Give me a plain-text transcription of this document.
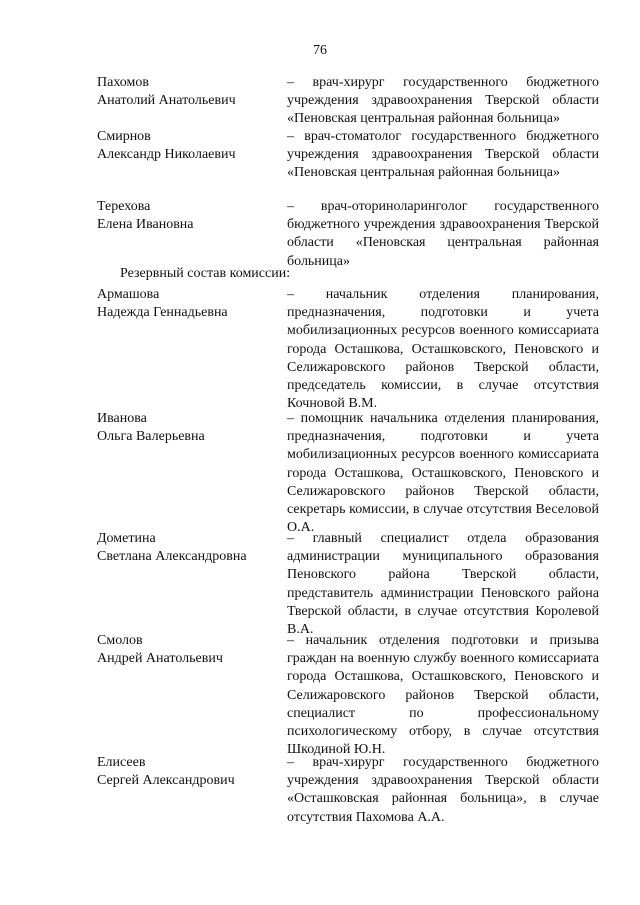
76
Пахомов
Анатолий Анатольевич
– врач-хирург государственного бюджетного учреждения здравоохранения Тверской области «Пеновская центральная районная больница»
Смирнов
Александр Николаевич
– врач-стоматолог государственного бюджетного учреждения здравоохранения Тверской области «Пеновская центральная районная больница»
Терехова
Елена Ивановна
– врач-оториноларинголог государственного бюджетного учреждения здравоохранения Тверской области «Пеновская центральная районная больница»
Резервный состав комиссии:
Армашова
Надежда Геннадьевна
– начальник отделения планирования, предназначения, подготовки и учета мобилизационных ресурсов военного комиссариата города Осташкова, Осташковского, Пеновского и Селижаровского районов Тверской области, председатель комиссии, в случае отсутствия Кочновой В.М.
Иванова
Ольга Валерьевна
– помощник начальника отделения планирования, предназначения, подготовки и учета мобилизационных ресурсов военного комиссариата города Осташкова, Осташковского, Пеновского и Селижаровского районов Тверской области, секретарь комиссии, в случае отсутствия Веселовой О.А.
Дометина
Светлана Александровна
– главный специалист отдела образования администрации муниципального образования Пеновского района Тверской области, представитель администрации Пеновского района Тверской области, в случае отсутствия Королевой В.А.
Смолов
Андрей Анатольевич
– начальник отделения подготовки и призыва граждан на военную службу военного комиссариата города Осташкова, Осташковского, Пеновского и Селижаровского районов Тверской области, специалист по профессиональному психологическому отбору, в случае отсутствия Шкодиной Ю.Н.
Елисеев
Сергей Александрович
– врач-хирург государственного бюджетного учреждения здравоохранения Тверской области «Осташковская районная больница», в случае отсутствия Пахомова А.А.
